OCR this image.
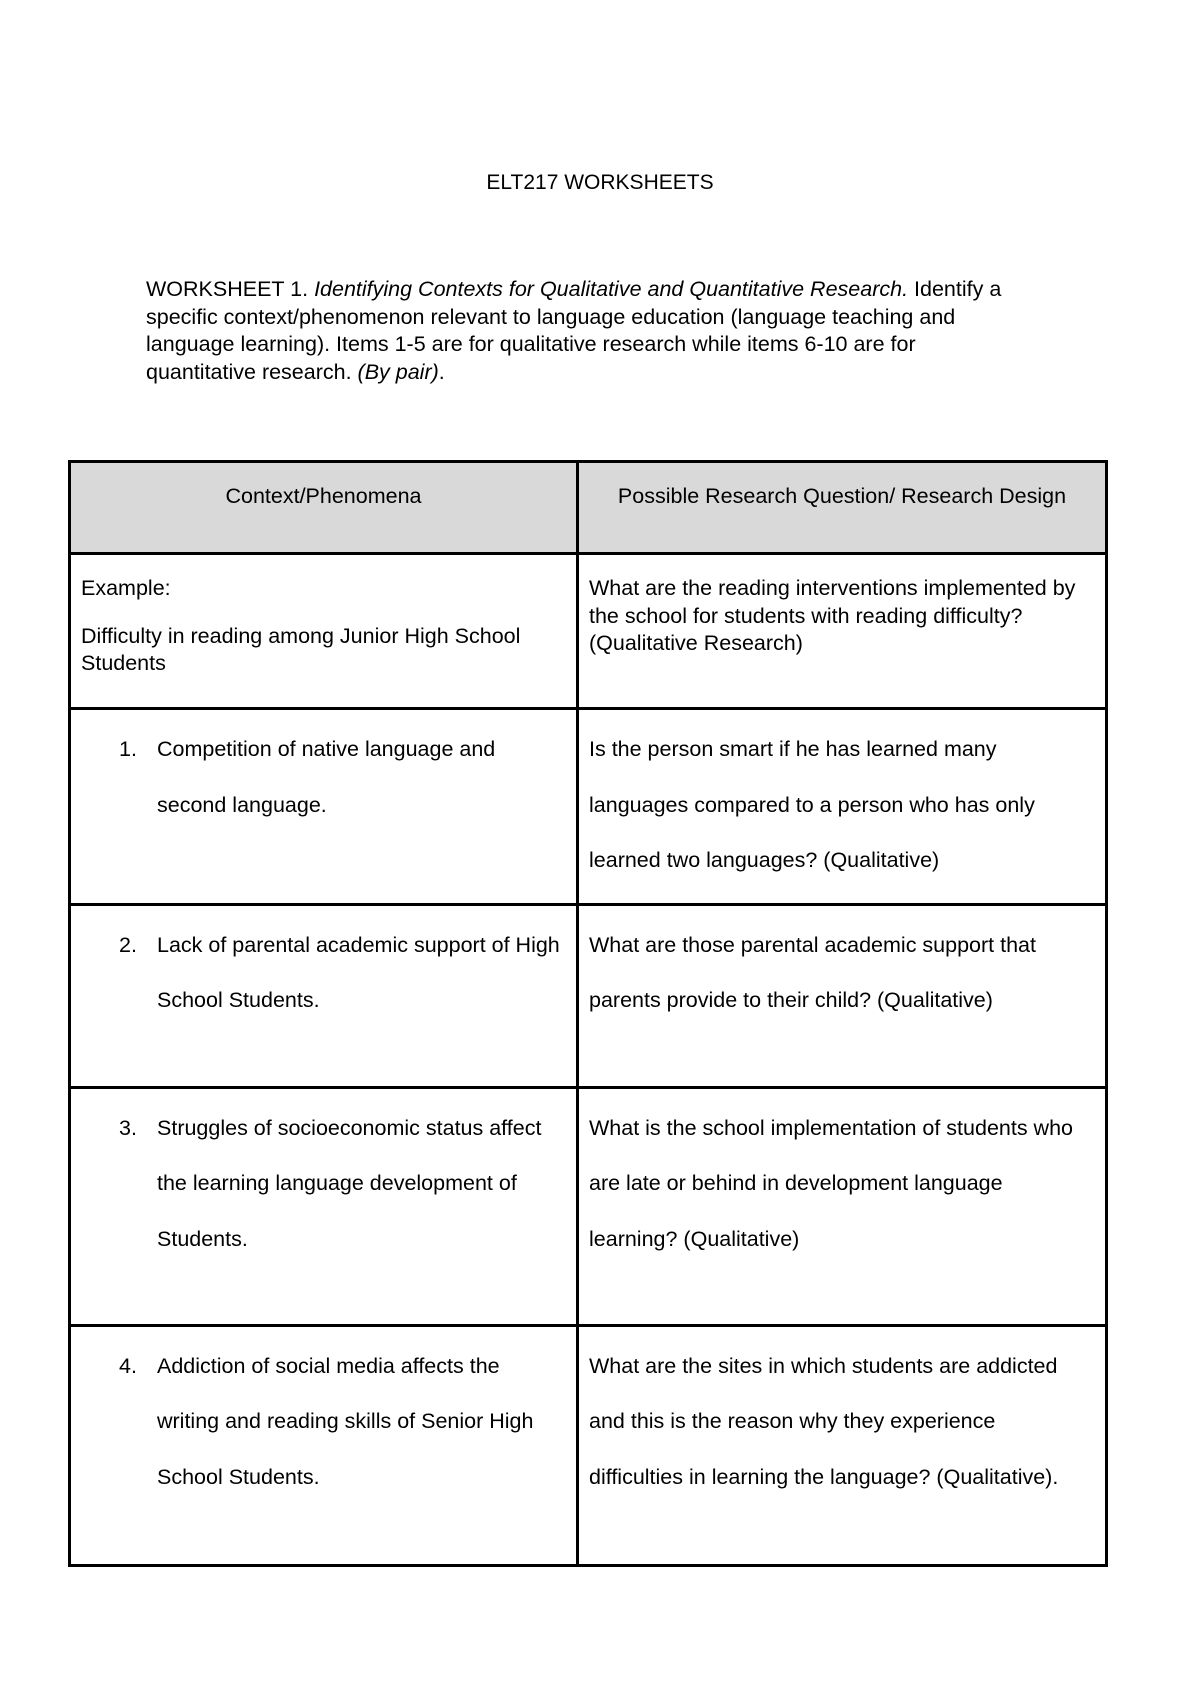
ELT217 WORKSHEETS
WORKSHEET 1. Identifying Contexts for Qualitative and Quantitative Research. Identify a specific context/phenomenon relevant to language education (language teaching and language learning). Items 1-5 are for qualitative research while items 6-10 are for quantitative research. (By pair).
Context/Phenomena	Possible Research Question/ Research Design

Example:
Difficulty in reading among Junior High School Students	What are the reading interventions implemented by the school for students with reading difficulty? (Qualitative Research)

1. Competition of native language and second language.	Is the person smart if he has learned many languages compared to a person who has only learned two languages? (Qualitative)

2. Lack of parental academic support of High School Students.	What are those parental academic support that parents provide to their child? (Qualitative)

3. Struggles of socioeconomic status affect the learning language development of Students.	What is the school implementation of students who are late or behind in development language learning? (Qualitative)

4. Addiction of social media affects the writing and reading skills of Senior High School Students.	What are the sites in which students are addicted and this is the reason why they experience difficulties in learning the language? (Qualitative).
